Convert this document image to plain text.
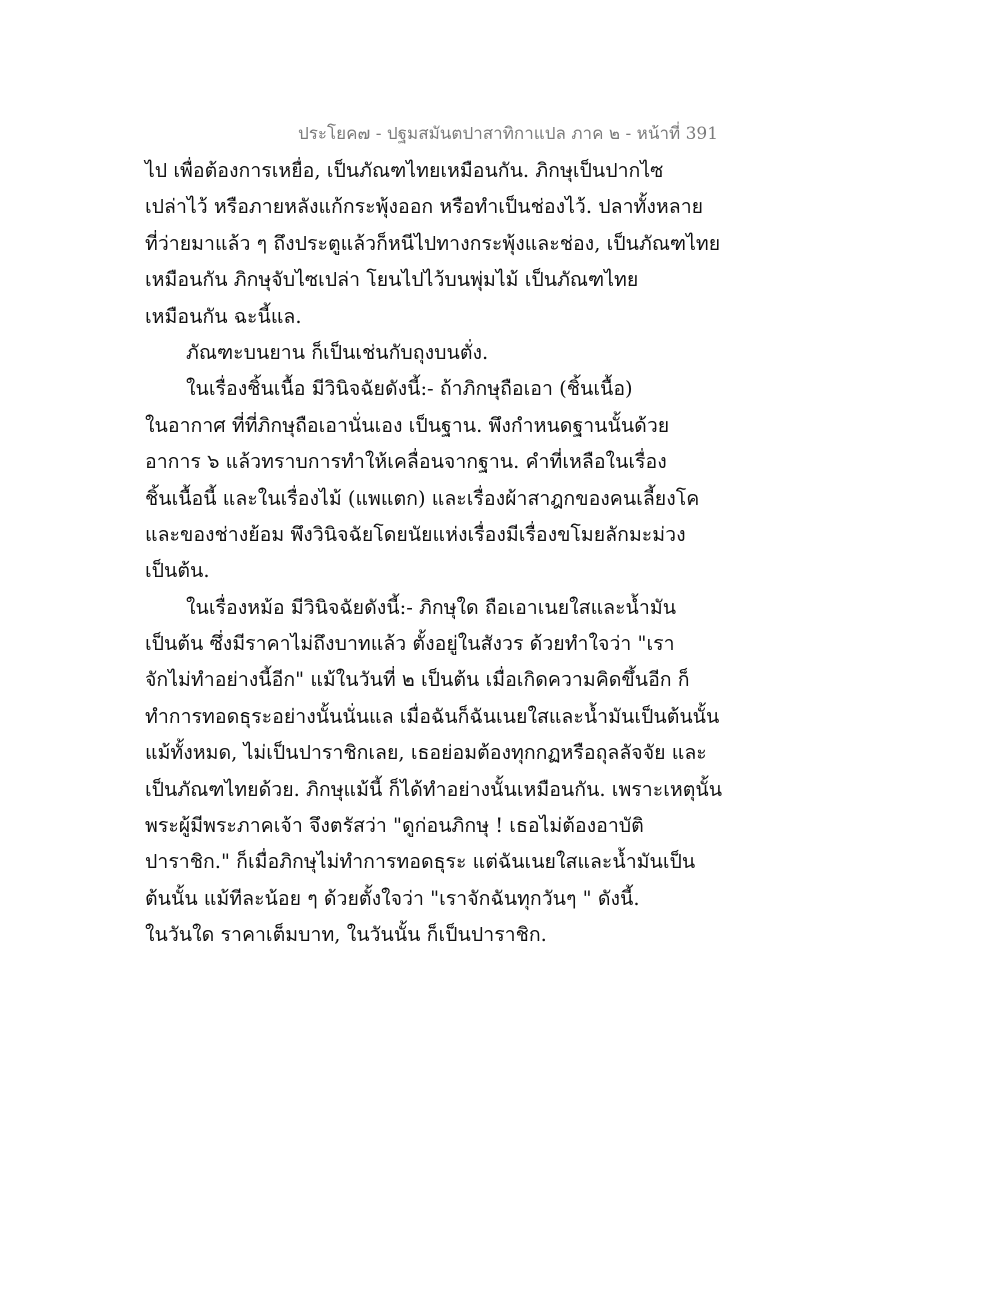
ประโยค๗ - ปฐมสมันตปาสาทิกาแปล ภาค ๒ - หน้าที่ 391
ไป เพื่อต้องการเหยื่อ, เป็นภัณฑไทยเหมือนกัน. ภิกษุเป็นปากไซ
เปล่าไว้ หรือภายหลังแก้กระพุ้งออก หรือทำเป็นช่องไว้. ปลาทั้งหลาย
ที่ว่ายมาแล้ว ๆ ถึงประตูแล้วก็หนีไปทางกระพุ้งและช่อง, เป็นภัณฑไทย
เหมือนกัน ภิกษุจับไซเปล่า โยนไปไว้บนพุ่มไม้ เป็นภัณฑไทย
เหมือนกัน ฉะนี้แล.
ภัณฑะบนยาน ก็เป็นเช่นกับถุงบนตั่ง.
ในเรื่องชิ้นเนื้อ มีวินิจฉัยดังนี้:- ถ้าภิกษุถือเอา (ชิ้นเนื้อ)
ในอากาศ ที่ที่ภิกษุถือเอานั่นเอง เป็นฐาน. พึงกำหนดฐานนั้นด้วย
อาการ ๖ แล้วทราบการทำให้เคลื่อนจากฐาน. คำที่เหลือในเรื่อง
ชิ้นเนื้อนี้ และในเรื่องไม้ (แพแตก) และเรื่องผ้าสาฎกของคนเลี้ยงโค
และของช่างย้อม พึงวินิจฉัยโดยนัยแห่งเรื่องมีเรื่องขโมยลักมะม่วง
เป็นต้น.
ในเรื่องหม้อ มีวินิจฉัยดังนี้:- ภิกษุใด ถือเอาเนยใสและน้ำมัน
เป็นต้น ซึ่งมีราคาไม่ถึงบาทแล้ว ตั้งอยู่ในสังวร ด้วยทำใจว่า "เรา
จักไม่ทำอย่างนี้อีก" แม้ในวันที่ ๒ เป็นต้น เมื่อเกิดความคิดขึ้นอีก ก็
ทำการทอดธุระอย่างนั้นนั่นแล เมื่อฉันก็ฉันเนยใสและน้ำมันเป็นต้นนั้น
แม้ทั้งหมด, ไม่เป็นปาราชิกเลย, เธอย่อมต้องทุกกฏหรือถุลลัจจัย และ
เป็นภัณฑไทยด้วย. ภิกษุแม้นี้ ก็ได้ทำอย่างนั้นเหมือนกัน. เพราะเหตุนั้น
พระผู้มีพระภาคเจ้า จึงตรัสว่า "ดูก่อนภิกษุ ! เธอไม่ต้องอาบัติ
ปาราชิก." ก็เมื่อภิกษุไม่ทำการทอดธุระ แต่ฉันเนยใสและน้ำมันเป็น
ต้นนั้น แม้ทีละน้อย ๆ ด้วยตั้งใจว่า "เราจักฉันทุกวันๆ " ดังนี้.
ในวันใด ราคาเต็มบาท, ในวันนั้น ก็เป็นปาราชิก.
